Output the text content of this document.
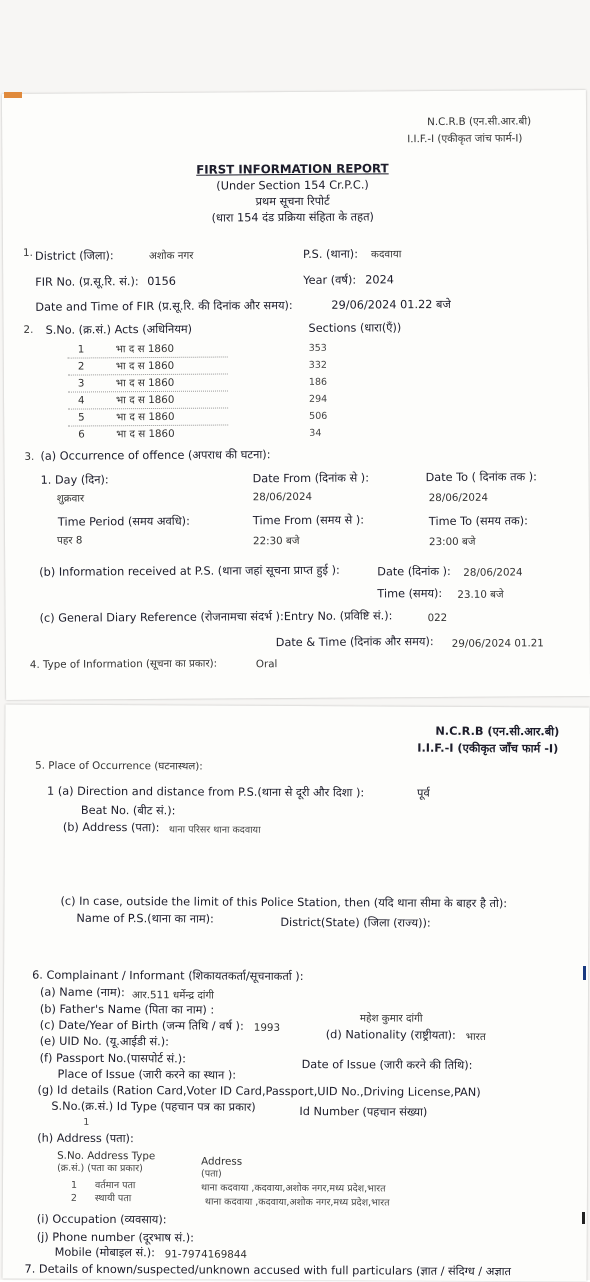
N.C.R.B (एन.सी.आर.बी)
I.I.F.-I (एकीकृत जांच फार्म-I)
FIRST INFORMATION REPORT
(Under Section 154 Cr.P.C.)
प्रथम सूचना रिपोर्ट
(धारा 154 दंड प्रक्रिया संहिता के तहत)
1. District (जिला):	अशोक नगर	P.S. (थाना): कदवाया
FIR No. (प्र.सू.रि. सं.): 0156	Year (वर्ष): 2024
Date and Time of FIR (प्र.सू.रि. की दिनांक और समय):	29/06/2024 01.22 बजे
2. S.No. (क्र.सं.) Acts (अधिनियम)	Sections (धारा(एँ))
1	भा द स 1860	353
2	भा द स 1860	332
3	भा द स 1860	186
4	भा द स 1860	294
5	भा द स 1860	506
6	भा द स 1860	34
3. (a) Occurrence of offence (अपराध की घटना):
1. Day (दिन):	Date From (दिनांक से ):	Date To ( दिनांक तक ):
शुक्रवार	28/06/2024	28/06/2024
Time Period (समय अवधि):	Time From (समय से ):	Time To (समय तक):
पहर 8	22:30 बजे	23:00 बजे
(b) Information received at P.S. (थाना जहां सूचना प्राप्त हुई ):	Date (दिनांक ): 28/06/2024
Time (समय): 23.10 बजे
(c) General Diary Reference (रोजनामचा संदर्भ ):Entry No. (प्रविष्टि सं.):	022
Date & Time (दिनांक और समय): 29/06/2024 01.21
4. Type of Information (सूचना का प्रकार):	Oral
N.C.R.B (एन.सी.आर.बी)
I.I.F.-I (एकीकृत जाँच फार्म -I)
5. Place of Occurrence (घटनास्थल):
1 (a) Direction and distance from P.S.(थाना से दूरी और दिशा ):	पूर्व
Beat No. (बीट सं.):
(b) Address (पता): थाना परिसर थाना कदवाया
(c) In case, outside the limit of this Police Station, then (यदि थाना सीमा के बाहर है तो):
Name of P.S.(थाना का नाम):	District(State) (जिला (राज्य)):
6. Complainant / Informant (शिकायतकर्ता/सूचनाकर्ता ):
(a) Name (नाम): आर.511 धर्मेन्द्र दांगी
(b) Father's Name (पिता का नाम) :
महेश कुमार दांगी
(c) Date/Year of Birth (जन्म तिथि / वर्ष ): 1993
(d) Nationality (राष्ट्रीयता): भारत
(e) UID No. (यू.आईडी सं.):
(f) Passport No.(पासपोर्ट सं.):	Date of Issue (जारी करने की तिथि):
Place of Issue (जारी करने का स्थान ):
(g) Id details (Ration Card,Voter ID Card,Passport,UID No.,Driving License,PAN)
S.No.(क्र.सं.) Id Type (पहचान पत्र का प्रकार)	Id Number (पहचान संख्या)
1
(h) Address (पता):
S.No. Address Type
(क्र.सं.) (पता का प्रकार)
Address
(पता)
1 वर्तमान पता	थाना कदवाया ,कदवाया,अशोक नगर,मध्य प्रदेश,भारत
2 स्थायी पता	थाना कदवाया ,कदवाया,अशोक नगर,मध्य प्रदेश,भारत
(i) Occupation (व्यवसाय):
(j) Phone number (दूरभाष सं.):
Mobile (मोबाइल सं.): 91-7974169844
7. Details of known/suspected/unknown accused with full particulars (ज्ञात / संदिग्ध / अज्ञात
